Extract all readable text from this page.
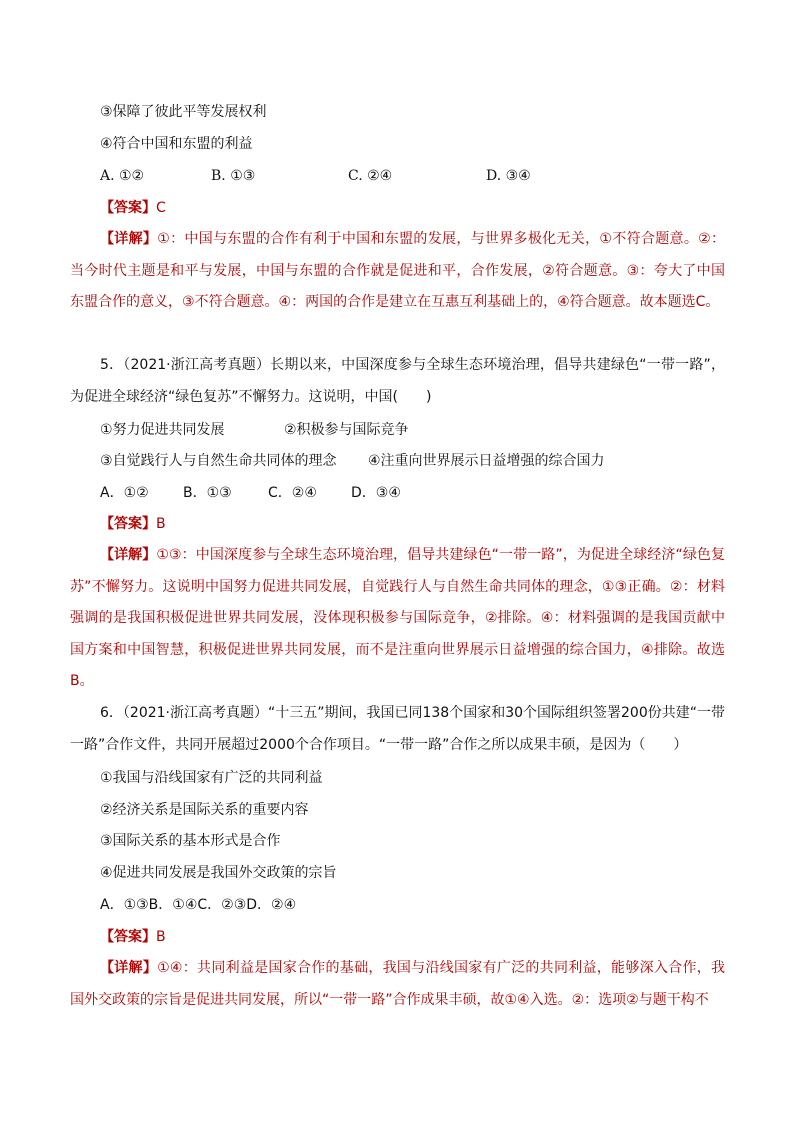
③保障了彼此平等发展权利
④符合中国和东盟的利益
A. ①②	B. ①③	C. ②④	D. ③④
【答案】C
【详解】①：中国与东盟的合作有利于中国和东盟的发展，与世界多极化无关，①不符合题意。②：当今时代主题是和平与发展，中国与东盟的合作就是促进和平，合作发展，②符合题意。③：夸大了中国东盟合作的意义，③不符合题意。④：两国的合作是建立在互惠互利基础上的，④符合题意。故本题选C。
5．（2021·浙江高考真题）长期以来，中国深度参与全球生态环境治理，倡导共建绿色“一带一路”，为促进全球经济“绿色复苏”不懈努力。这说明，中国(　　)
①努力促进共同发展	②积极参与国际竞争
③自觉践行人与自然生命共同体的理念 ④注重向世界展示日益增强的综合国力
A．①② B．①③	C．②④ D．③④
【答案】B
【详解】①③：中国深度参与全球生态环境治理，倡导共建绿色“一带一路”，为促进全球经济“绿色复苏”不懈努力。这说明中国努力促进共同发展，自觉践行人与自然生命共同体的理念，①③正确。②：材料强调的是我国积极促进世界共同发展，没体现积极参与国际竞争，②排除。④：材料强调的是我国贡献中国方案和中国智慧，积极促进世界共同发展，而不是注重向世界展示日益增强的综合国力，④排除。故选B。
6．（2021·浙江高考真题）“十三五”期间，我国已同138个国家和30个国际组织签署200份共建“一带一路”合作文件，共同开展超过2000个合作项目。“一带一路”合作之所以成果丰硕，是因为（　　）
①我国与沿线国家有广泛的共同利益
②经济关系是国际关系的重要内容
③国际关系的基本形式是合作
④促进共同发展是我国外交政策的宗旨
A．①③B．①④C．②③D．②④
【答案】B
【详解】①④：共同利益是国家合作的基础，我国与沿线国家有广泛的共同利益，能够深入合作，我国外交政策的宗旨是促进共同发展，所以“一带一路”合作成果丰硕，故①④入选。②：选项②与题干构不
